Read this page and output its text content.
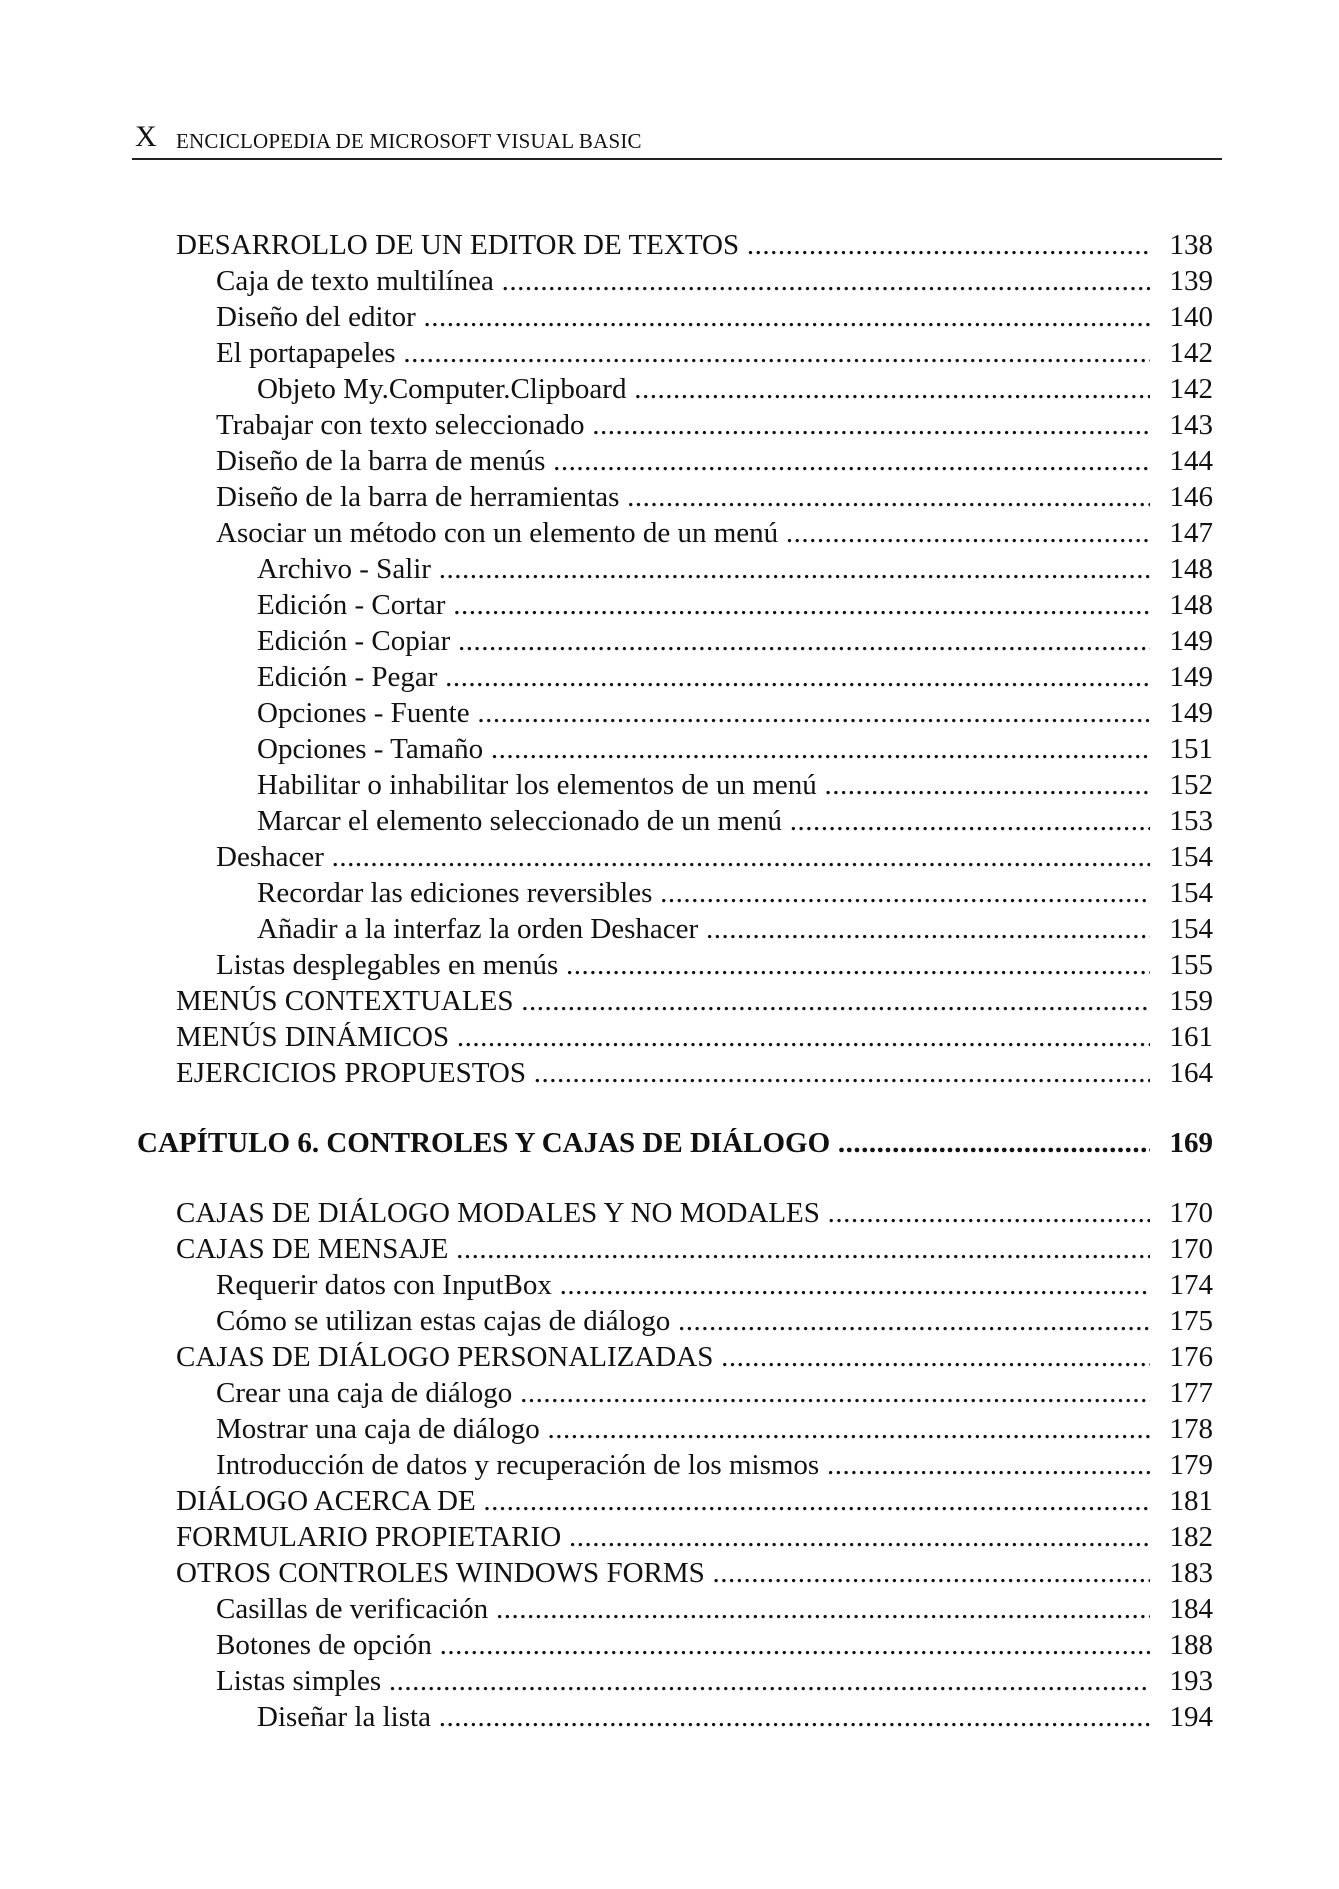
X ENCICLOPEDIA DE MICROSOFT VISUAL BASIC
DESARROLLO DE UN EDITOR DE TEXTOS .....	138
Caja de texto multilínea .....	139
Diseño del editor .....	140
El portapapeles .....	142
Objeto My.Computer.Clipboard .....	142
Trabajar con texto seleccionado .....	143
Diseño de la barra de menús .....	144
Diseño de la barra de herramientas .....	146
Asociar un método con un elemento de un menú .....	147
Archivo - Salir .....	148
Edición - Cortar .....	148
Edición - Copiar .....	149
Edición - Pegar .....	149
Opciones - Fuente .....	149
Opciones - Tamaño .....	151
Habilitar o inhabilitar los elementos de un menú .....	152
Marcar el elemento seleccionado de un menú .....	153
Deshacer .....	154
Recordar las ediciones reversibles .....	154
Añadir a la interfaz la orden Deshacer .....	154
Listas desplegables en menús .....	155
MENÚS CONTEXTUALES .....	159
MENÚS DINÁMICOS .....	161
EJERCICIOS PROPUESTOS .....	164
CAPÍTULO 6. CONTROLES Y CAJAS DE DIÁLOGO .....	169
CAJAS DE DIÁLOGO MODALES Y NO MODALES .....	170
CAJAS DE MENSAJE .....	170
Requerir datos con InputBox .....	174
Cómo se utilizan estas cajas de diálogo .....	175
CAJAS DE DIÁLOGO PERSONALIZADAS .....	176
Crear una caja de diálogo .....	177
Mostrar una caja de diálogo .....	178
Introducción de datos y recuperación de los mismos .....	179
DIÁLOGO ACERCA DE .....	181
FORMULARIO PROPIETARIO .....	182
OTROS CONTROLES WINDOWS FORMS .....	183
Casillas de verificación .....	184
Botones de opción .....	188
Listas simples .....	193
Diseñar la lista .....	194
